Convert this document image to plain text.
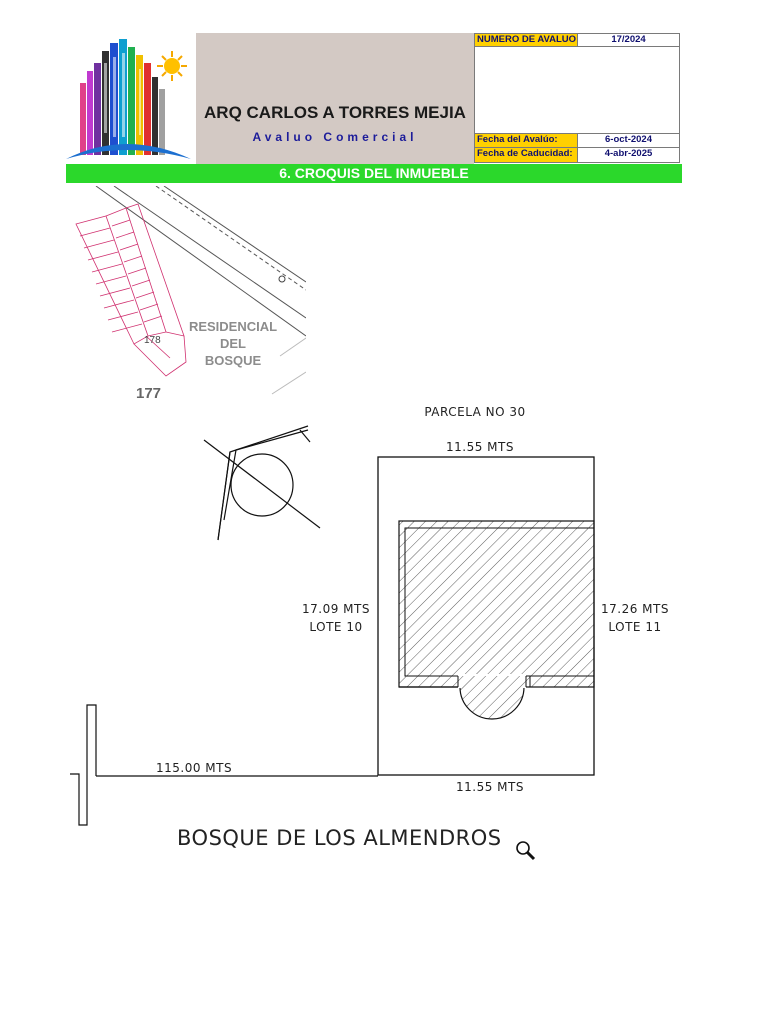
ARQ CARLOS A TORRES MEJIA
Avaluo Comercial
NUMERO DE AVALUO	17/2024
Fecha del Avalúo:	6-oct-2024
Fecha de Caducidad:	4-abr-2025
6. CROQUIS DEL INMUEBLE
178
177
RESIDENCIAL
DEL
BOSQUE
PARCELA NO 30
11.55 MTS
17.09 MTS
LOTE 10
17.26 MTS
LOTE 11
115.00 MTS
11.55 MTS
BOSQUE DE LOS ALMENDROS
